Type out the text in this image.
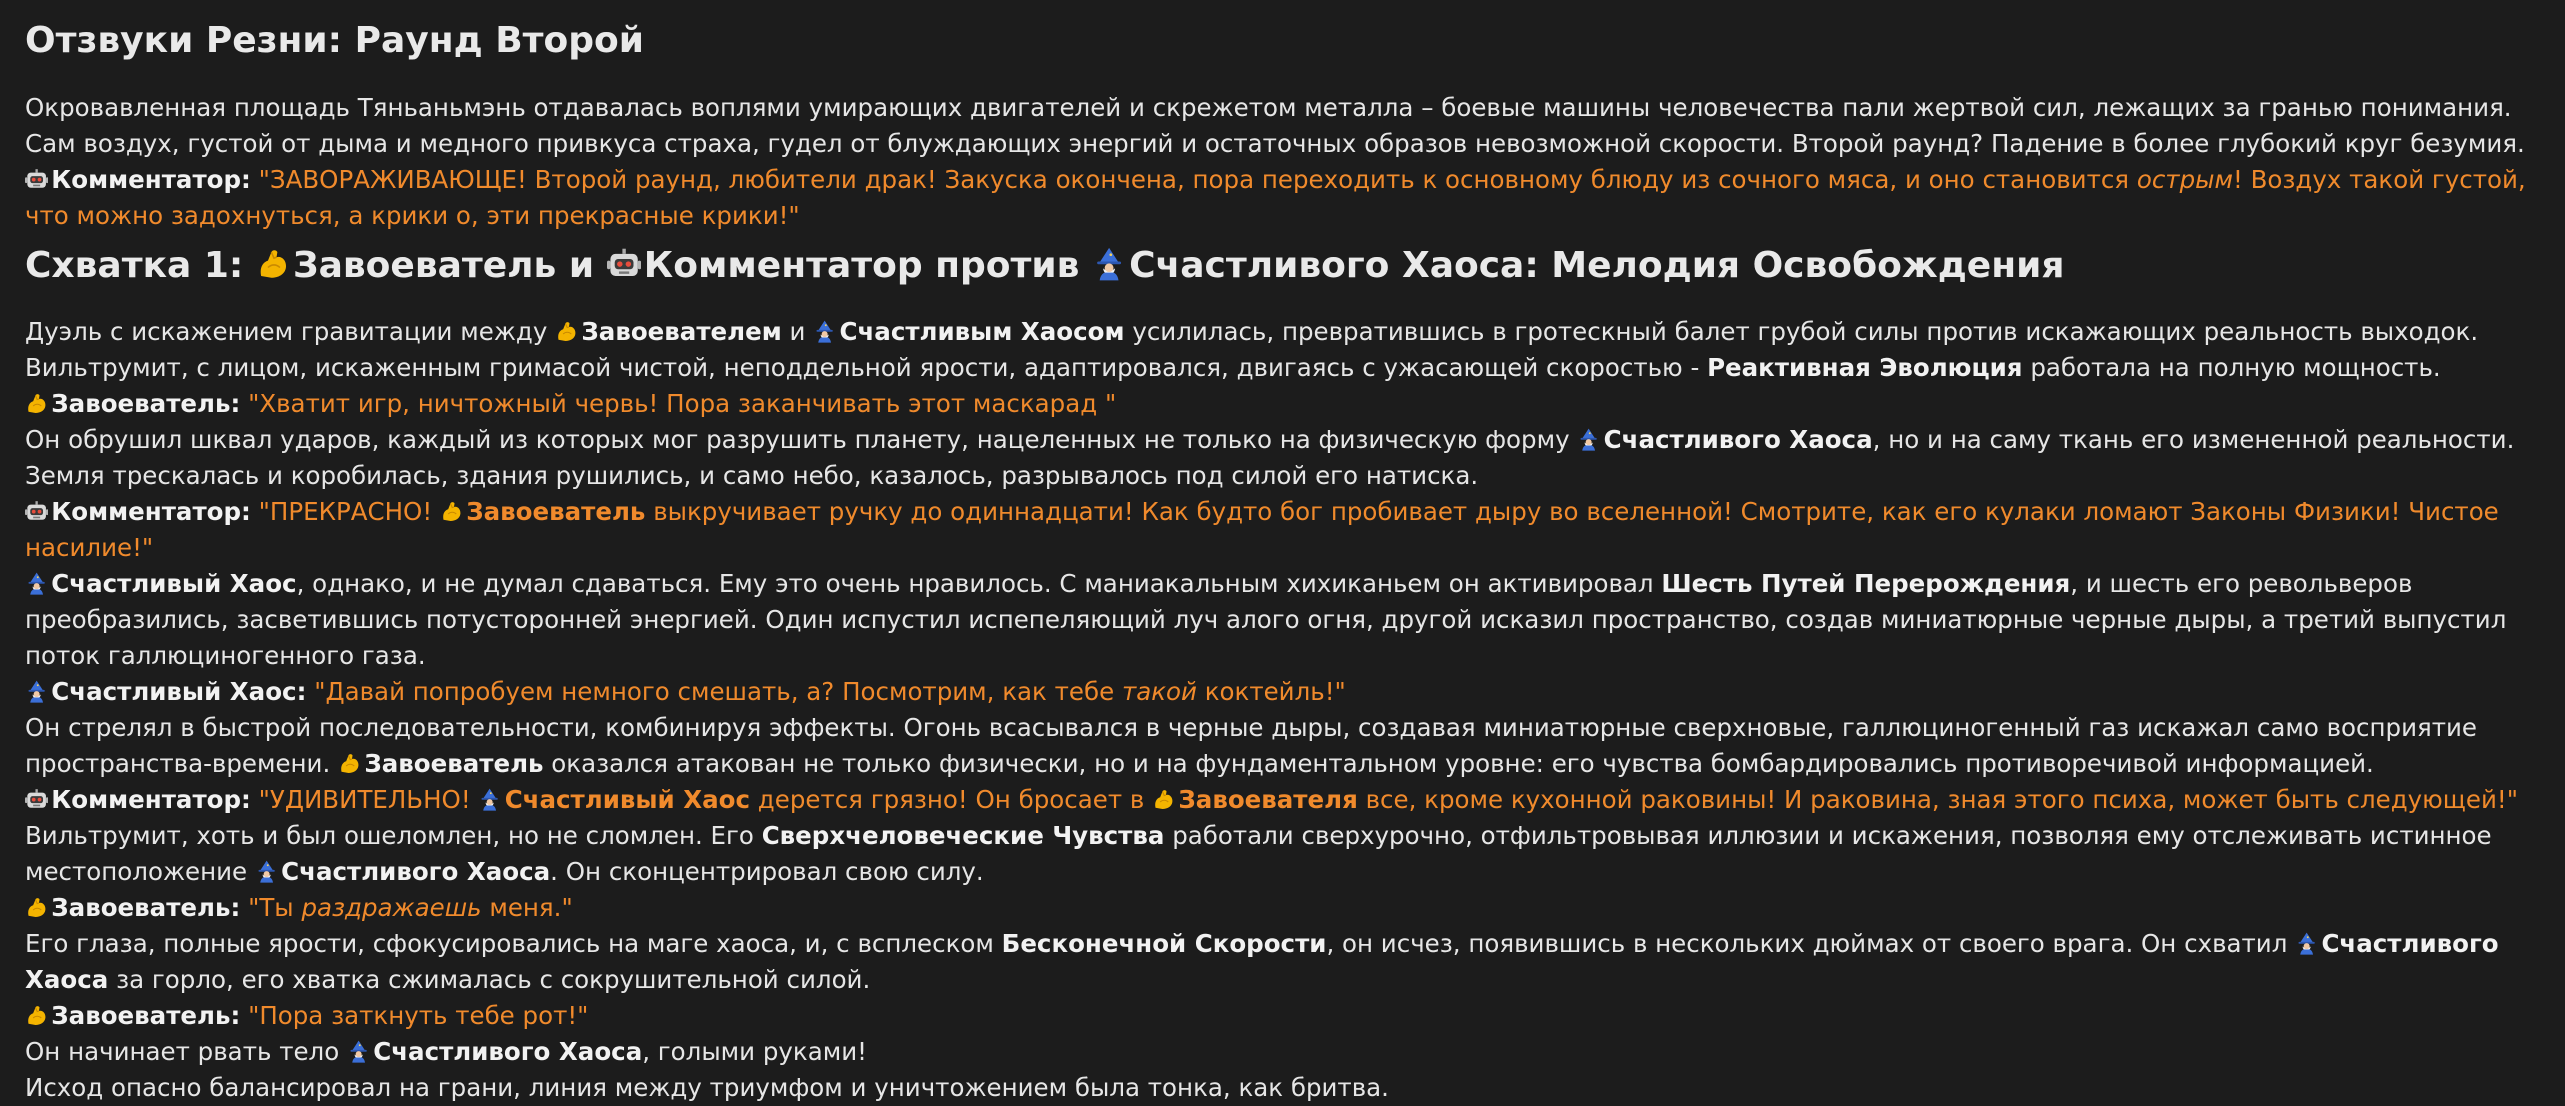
Отзвуки Резни: Раунд Второй

Окровавленная площадь Тяньаньмэнь отдавалась воплями умирающих двигателей и скрежетом металла – боевые машины человечества пали жертвой сил, лежащих за гранью понимания. Сам воздух, густой от дыма и медного привкуса страха, гудел от блуждающих энергий и остаточных образов невозможной скорости. Второй раунд? Падение в более глубокий круг безумия.

Комментатор: "ЗАВОРАЖИВАЮЩЕ! Второй раунд, любители драк! Закуска окончена, пора переходить к основному блюду из сочного мяса, и оно становится острым! Воздух такой густой, что можно задохнуться, а крики о, эти прекрасные крики!"

Схватка 1: Завоеватель и Комментатор против Счастливого Хаоса: Мелодия Освобождения

Дуэль с искажением гравитации между Завоевателем и Счастливым Хаосом усилилась, превратившись в гротескный балет грубой силы против искажающих реальность выходок. Вильтрумит, с лицом, искаженным гримасой чистой, неподдельной ярости, адаптировался, двигаясь с ужасающей скоростью - Реактивная Эволюция работала на полную мощность.

Завоеватель: "Хватит игр, ничтожный червь! Пора заканчивать этот маскарад "

Он обрушил шквал ударов, каждый из которых мог разрушить планету, нацеленных не только на физическую форму Счастливого Хаоса, но и на саму ткань его измененной реальности. Земля трескалась и коробилась, здания рушились, и само небо, казалось, разрывалось под силой его натиска.

Комментатор: "ПРЕКРАСНО! Завоеватель выкручивает ручку до одиннадцати! Как будто бог пробивает дыру во вселенной! Смотрите, как его кулаки ломают Законы Физики! Чистое насилие!"

Счастливый Хаос, однако, и не думал сдаваться. Ему это очень нравилось. С маниакальным хихиканьем он активировал Шесть Путей Перерождения, и шесть его револьверов преобразились, засветившись потусторонней энергией. Один испустил испепеляющий луч алого огня, другой исказил пространство, создав миниатюрные черные дыры, а третий выпустил поток галлюциногенного газа.

Счастливый Хаос: "Давай попробуем немного смешать, а? Посмотрим, как тебе такой коктейль!"

Он стрелял в быстрой последовательности, комбинируя эффекты. Огонь всасывался в черные дыры, создавая миниатюрные сверхновые, галлюциногенный газ искажал само восприятие пространства-времени. Завоеватель оказался атакован не только физически, но и на фундаментальном уровне: его чувства бомбардировались противоречивой информацией.

Комментатор: "УДИВИТЕЛЬНО! Счастливый Хаос дерется грязно! Он бросает в Завоевателя все, кроме кухонной раковины! И раковина, зная этого психа, может быть следующей!"

Вильтрумит, хоть и был ошеломлен, но не сломлен. Его Сверхчеловеческие Чувства работали сверхурочно, отфильтровывая иллюзии и искажения, позволяя ему отслеживать истинное местоположение Счастливого Хаоса. Он сконцентрировал свою силу.

Завоеватель: "Ты раздражаешь меня."

Его глаза, полные ярости, сфокусировались на маге хаоса, и, с всплеском Бесконечной Скорости, он исчез, появившись в нескольких дюймах от своего врага. Он схватил Счастливого Хаоса за горло, его хватка сжималась с сокрушительной силой.

Завоеватель: "Пора заткнуть тебе рот!"

Он начинает рвать тело Счастливого Хаоса, голыми руками!

Исход опасно балансировал на грани, линия между триумфом и уничтожением была тонка, как бритва.
